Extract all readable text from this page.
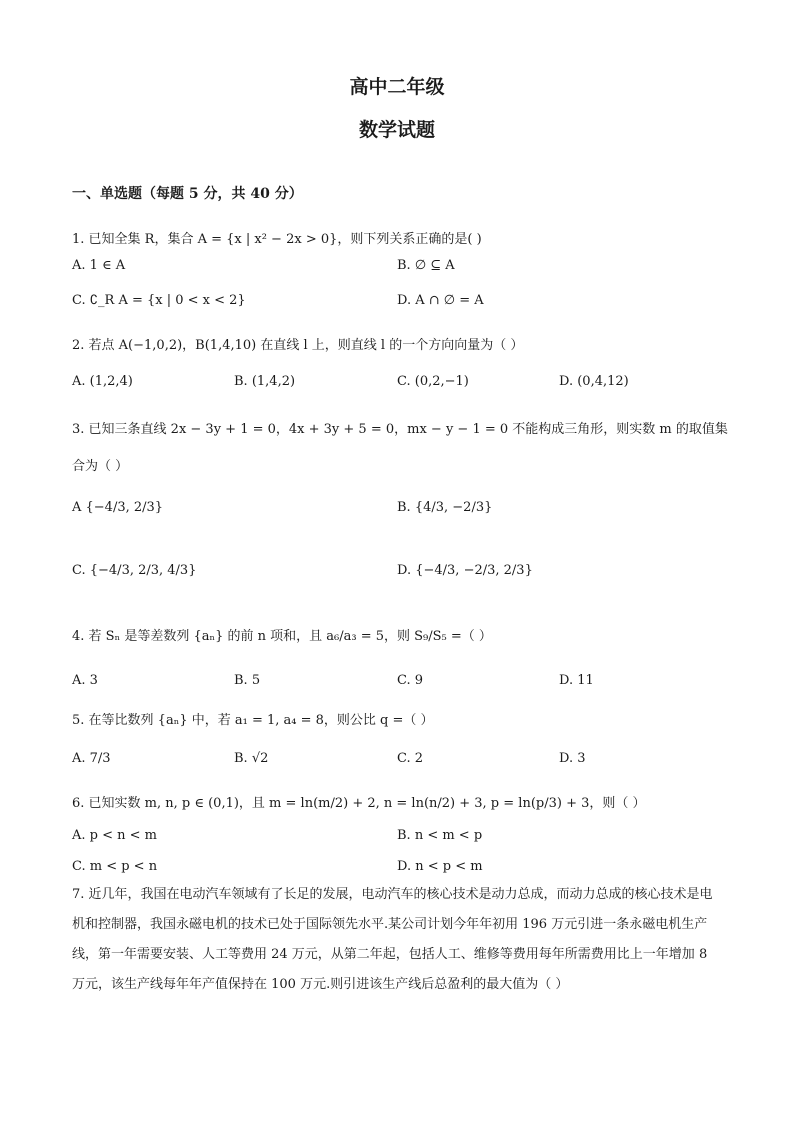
高中二年级
数学试题
一、单选题（每题 5 分，共 40 分）
1. 已知全集 R，集合 A = {x | x² − 2x > 0}，则下列关系正确的是( )
A. 1 ∈ A	B. ∅ ⊆ A
C. ∁_R A = {x | 0 < x < 2}	D. A ∩ ∅ = A
2. 若点 A(−1,0,2)，B(1,4,10) 在直线 l 上，则直线 l 的一个方向向量为（ ）
A. (1,2,4)	B. (1,4,2)	C. (0,2,−1)	D. (0,4,12)
3. 已知三条直线 2x − 3y + 1 = 0，4x + 3y + 5 = 0，mx − y − 1 = 0 不能构成三角形，则实数 m 的取值集
合为（ ）
A {−4/3, 2/3}	B. {4/3, −2/3}
C. {−4/3, 2/3, 4/3}	D. {−4/3, −2/3, 2/3}
4. 若 Sₙ 是等差数列 {aₙ} 的前 n 项和，且 a₆/a₃ = 5，则 S₉/S₅ =（ ）
A. 3	B. 5	C. 9	D. 11
5. 在等比数列 {aₙ} 中，若 a₁ = 1, a₄ = 8，则公比 q =（ ）
A. 7/3	B. √2	C. 2	D. 3
6. 已知实数 m, n, p ∈ (0,1)，且 m = ln(m/2) + 2, n = ln(n/2) + 3, p = ln(p/3) + 3，则（ ）
A. p < n < m	B. n < m < p
C. m < p < n	D. n < p < m
7. 近几年，我国在电动汽车领域有了长足的发展，电动汽车的核心技术是动力总成，而动力总成的核心技术是电机和控制器，我国永磁电机的技术已处于国际领先水平.某公司计划今年年初用 196 万元引进一条永磁电机生产线，第一年需要安装、人工等费用 24 万元，从第二年起，包括人工、维修等费用每年所需费用比上一年增加 8 万元，该生产线每年年产值保持在 100 万元.则引进该生产线后总盈利的最大值为（ ）
